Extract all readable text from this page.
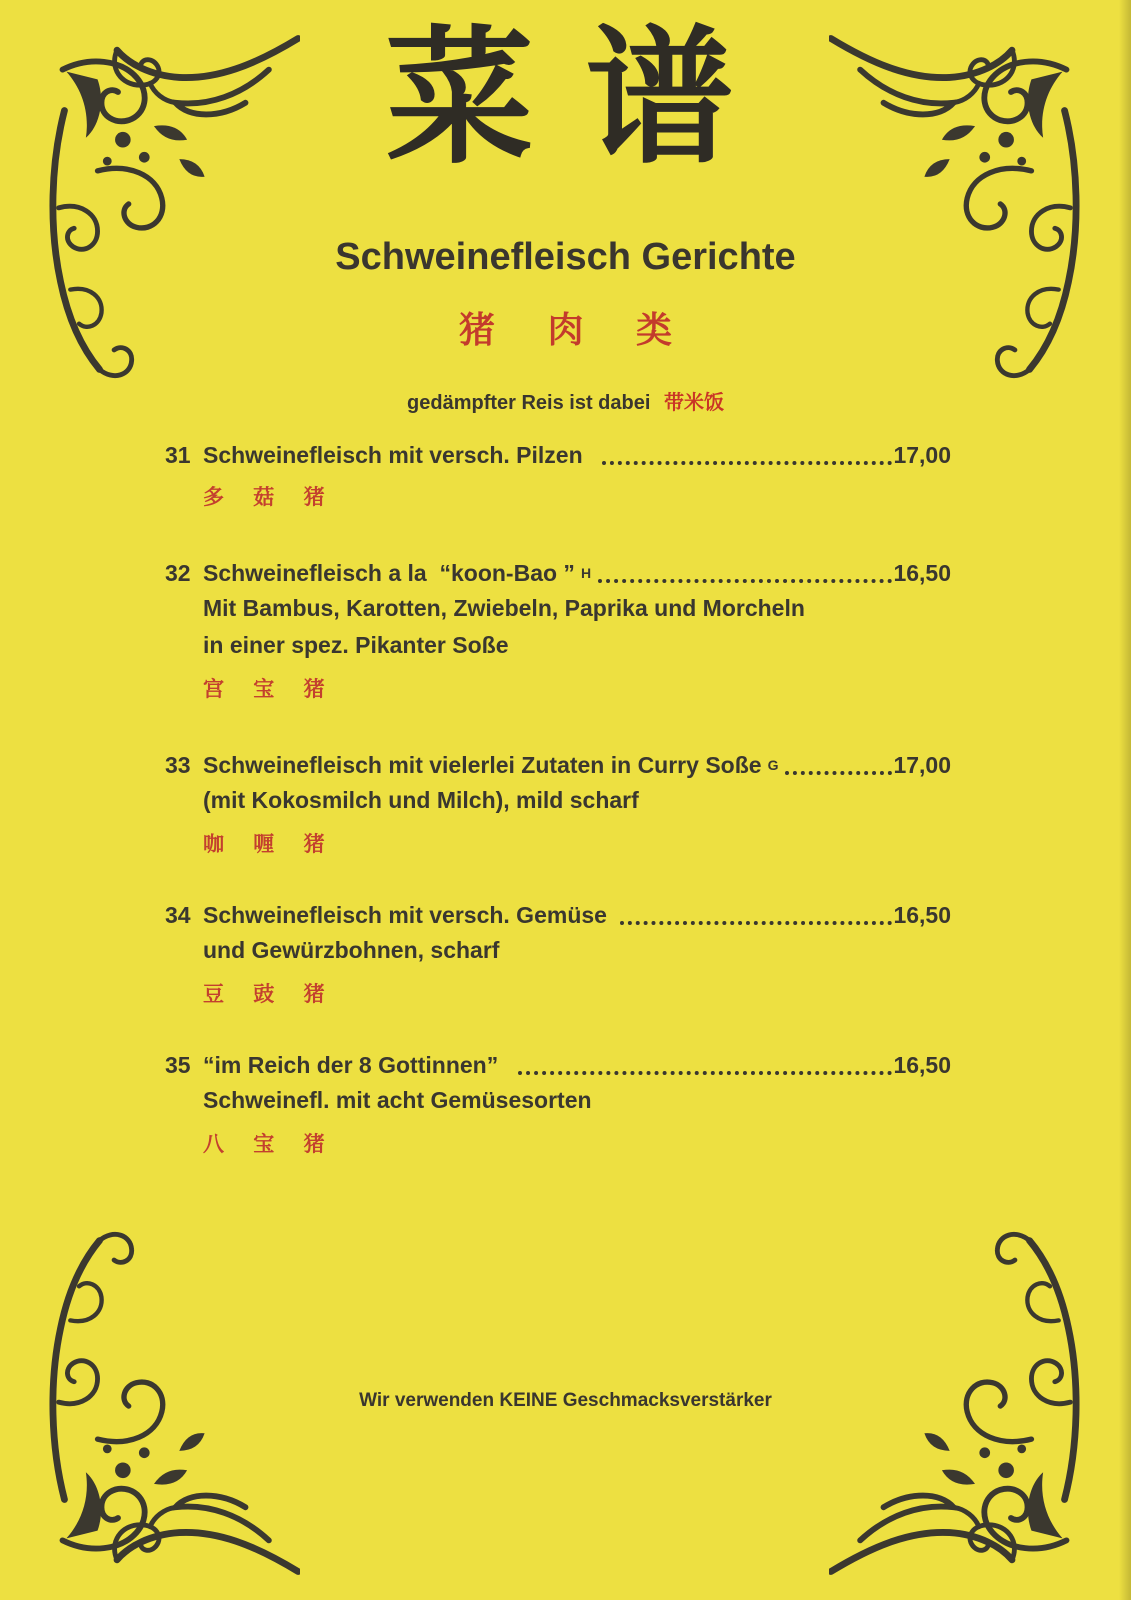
菜谱
Schweinefleisch Gerichte
猪 肉 类
gedämpfter Reis ist dabei 带米饭
31 Schweinefleisch mit versch. Pilzen	17,00
多 菇 猪
32 Schweinefleisch a la  “koon-Bao ” H	16,50
Mit Bambus, Karotten, Zwiebeln, Paprika und Morcheln
in einer spez. Pikanter Soße
宫 宝 猪
33 Schweinefleisch mit vielerlei Zutaten in Curry Soße G	17,00
(mit Kokosmilch und Milch), mild scharf
咖 喱 猪
34 Schweinefleisch mit versch. Gemüse	16,50
und Gewürzbohnen, scharf
豆 豉 猪
35 “im Reich der 8 Gottinnen”	16,50
Schweinefl. mit acht Gemüsesorten
八 宝 猪
Wir verwenden KEINE Geschmacksverstärker
